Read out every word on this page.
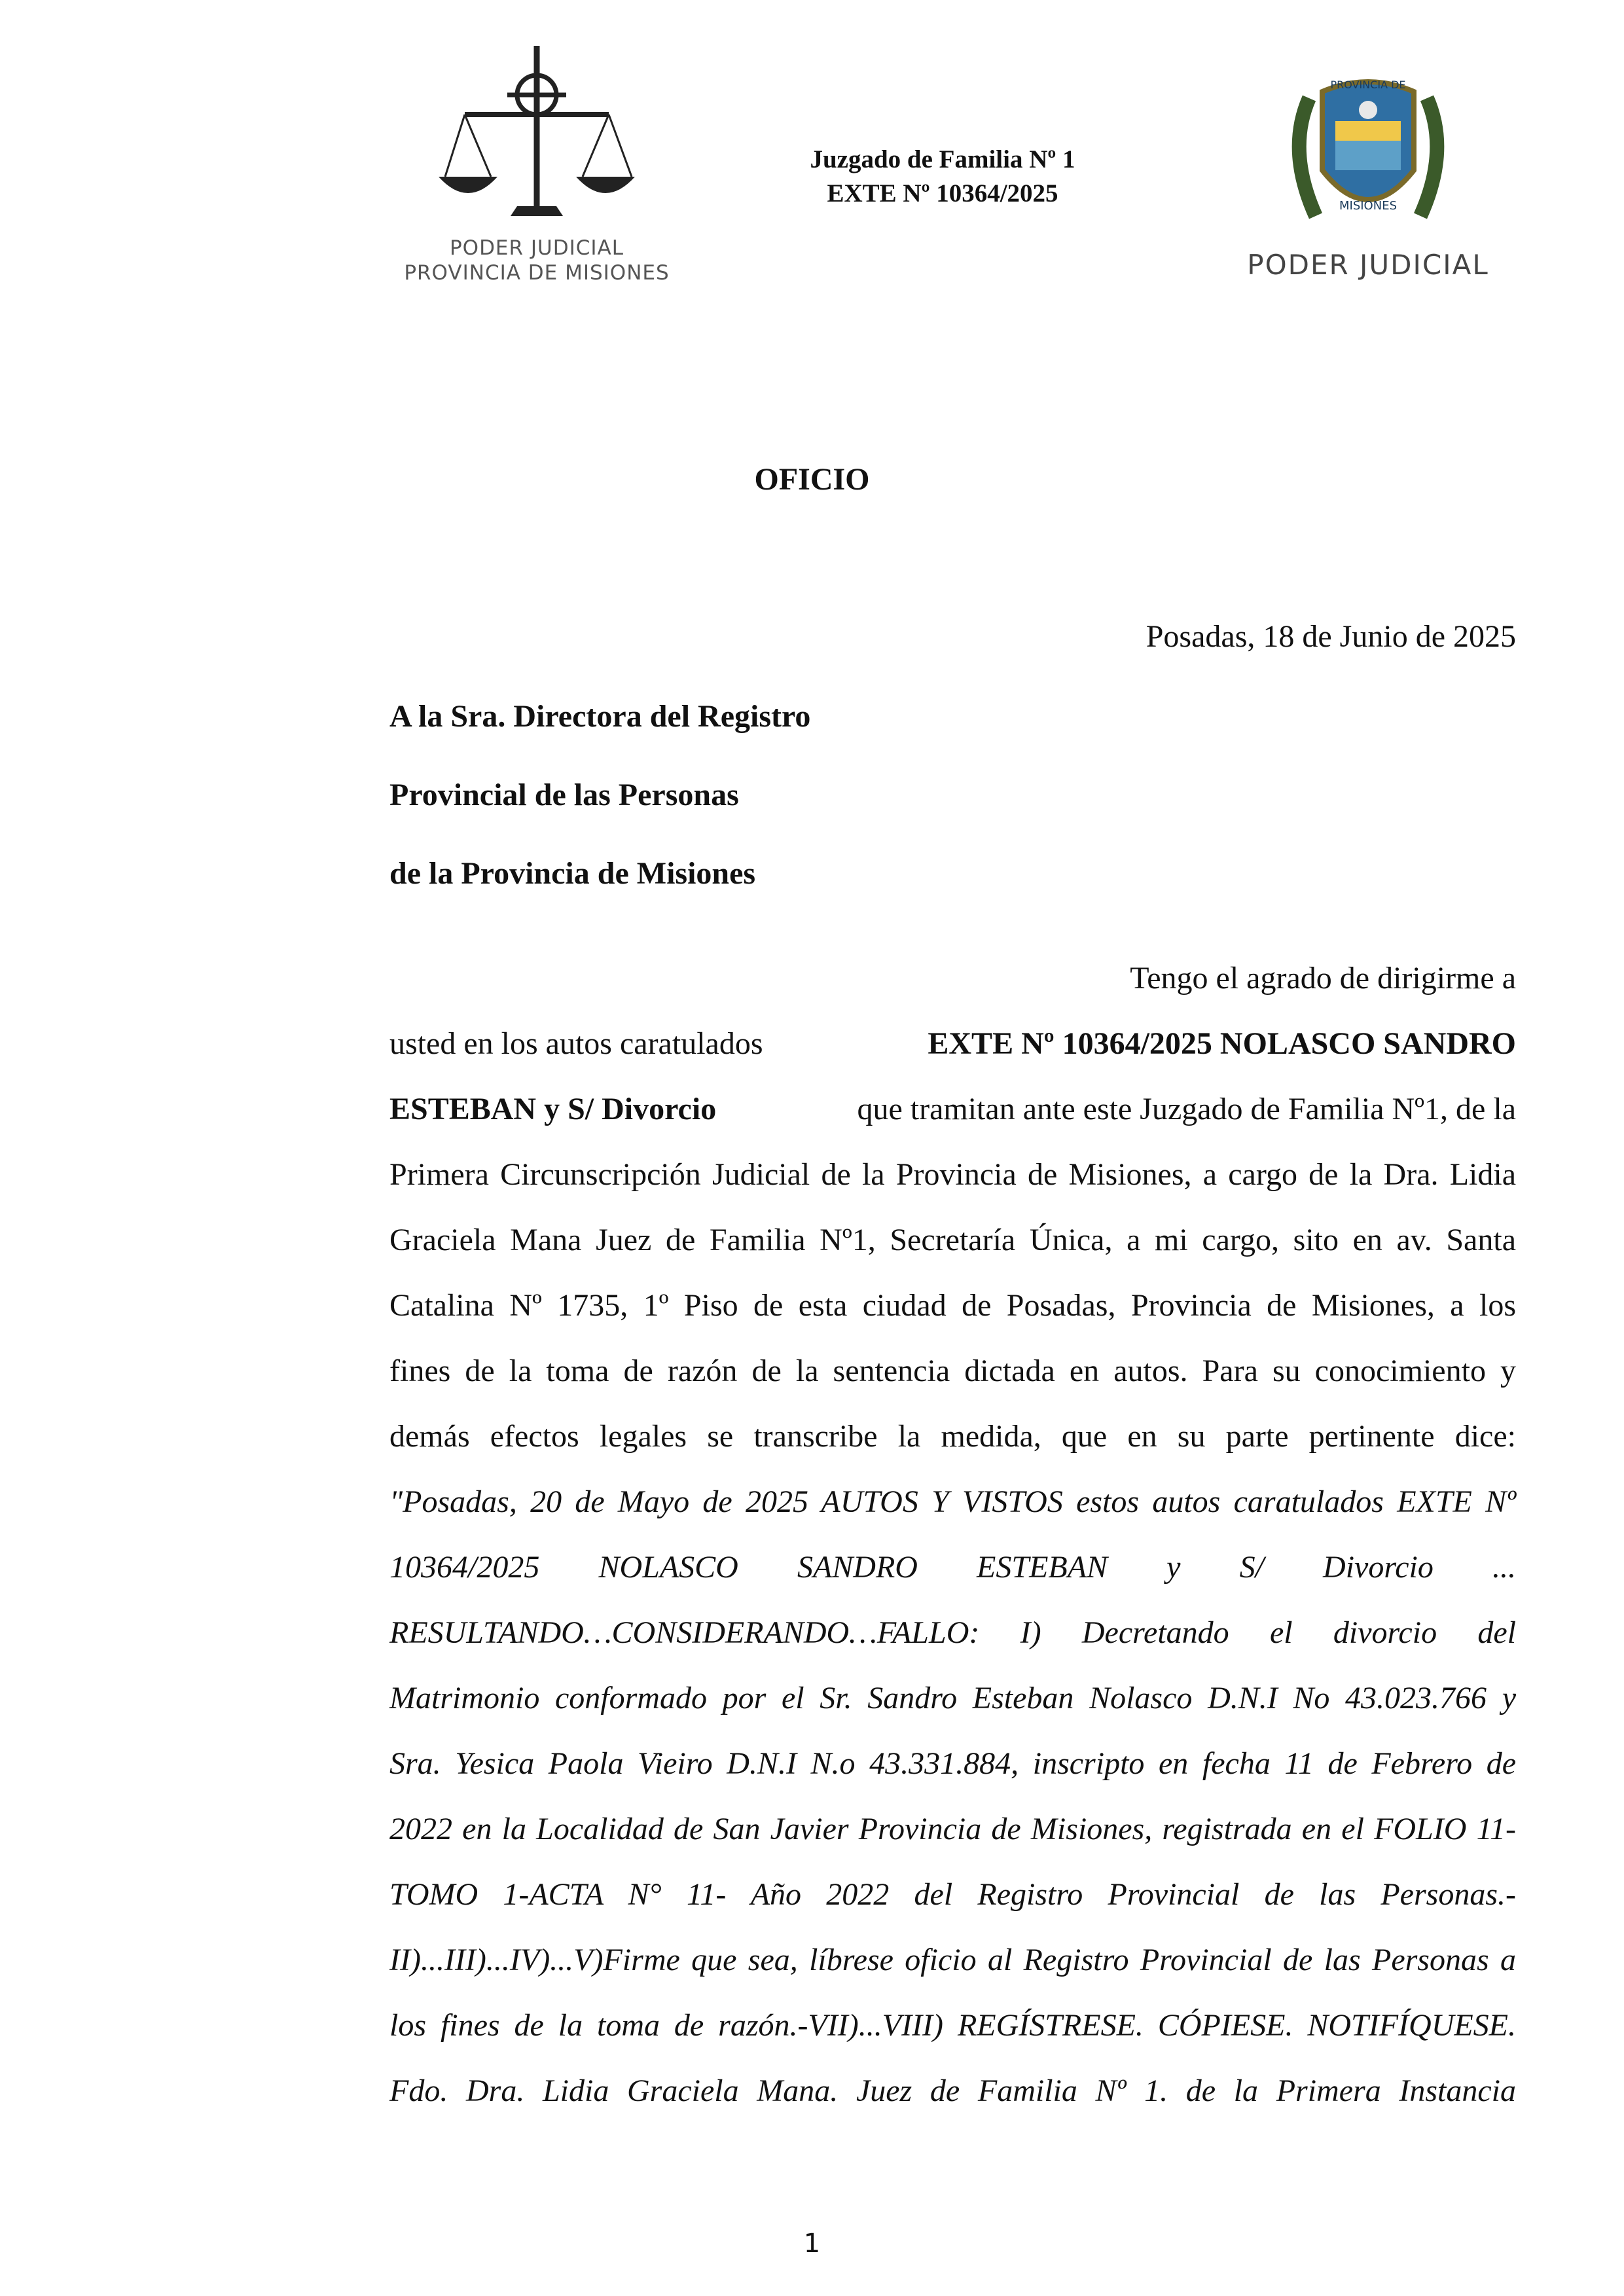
PODER JUDICIAL
PROVINCIA DE MISIONES
Juzgado de Familia Nº 1
EXTE Nº 10364/2025
PROVINCIA DE
MISIONES
PODER JUDICIAL
OFICIO
Posadas, 18 de Junio de 2025
A la Sra. Directora del Registro
Provincial de las Personas
de la Provincia de Misiones
Tengo el agrado de dirigirme a
usted en los autos caratulados	EXTE Nº 10364/2025 NOLASCO SANDRO
ESTEBAN y S/ Divorcio	que tramitan ante este Juzgado de Familia Nº1, de la
Primera Circunscripción Judicial de la Provincia de Misiones, a cargo de la Dra. Lidia
Graciela Mana Juez de Familia Nº1, Secretaría Única, a mi cargo, sito en av. Santa
Catalina Nº 1735, 1º Piso de esta ciudad de Posadas, Provincia de Misiones, a los
fines de la toma de razón de la sentencia dictada en autos. Para su conocimiento y
demás efectos legales se transcribe la medida, que en su parte pertinente dice:
"Posadas, 20 de Mayo de 2025 AUTOS Y VISTOS estos autos caratulados EXTE Nº
10364/2025 NOLASCO SANDRO ESTEBAN y S/ Divorcio ...
RESULTANDO…CONSIDERANDO…FALLO: I) Decretando el divorcio del
Matrimonio conformado por el Sr. Sandro Esteban Nolasco D.N.I No 43.023.766 y
Sra. Yesica Paola Vieiro D.N.I N.o 43.331.884, inscripto en fecha 11 de Febrero de
2022 en la Localidad de San Javier Provincia de Misiones, registrada en el FOLIO 11-
TOMO 1-ACTA N° 11- Año 2022 del Registro Provincial de las Personas.-
II)...III)...IV)...V)Firme que sea, líbrese oficio al Registro Provincial de las Personas a
los fines de la toma de razón.-VII)...VIII) REGÍSTRESE. CÓPIESE. NOTIFÍQUESE.
Fdo. Dra. Lidia Graciela Mana. Juez de Familia Nº 1. de la Primera Instancia
1
